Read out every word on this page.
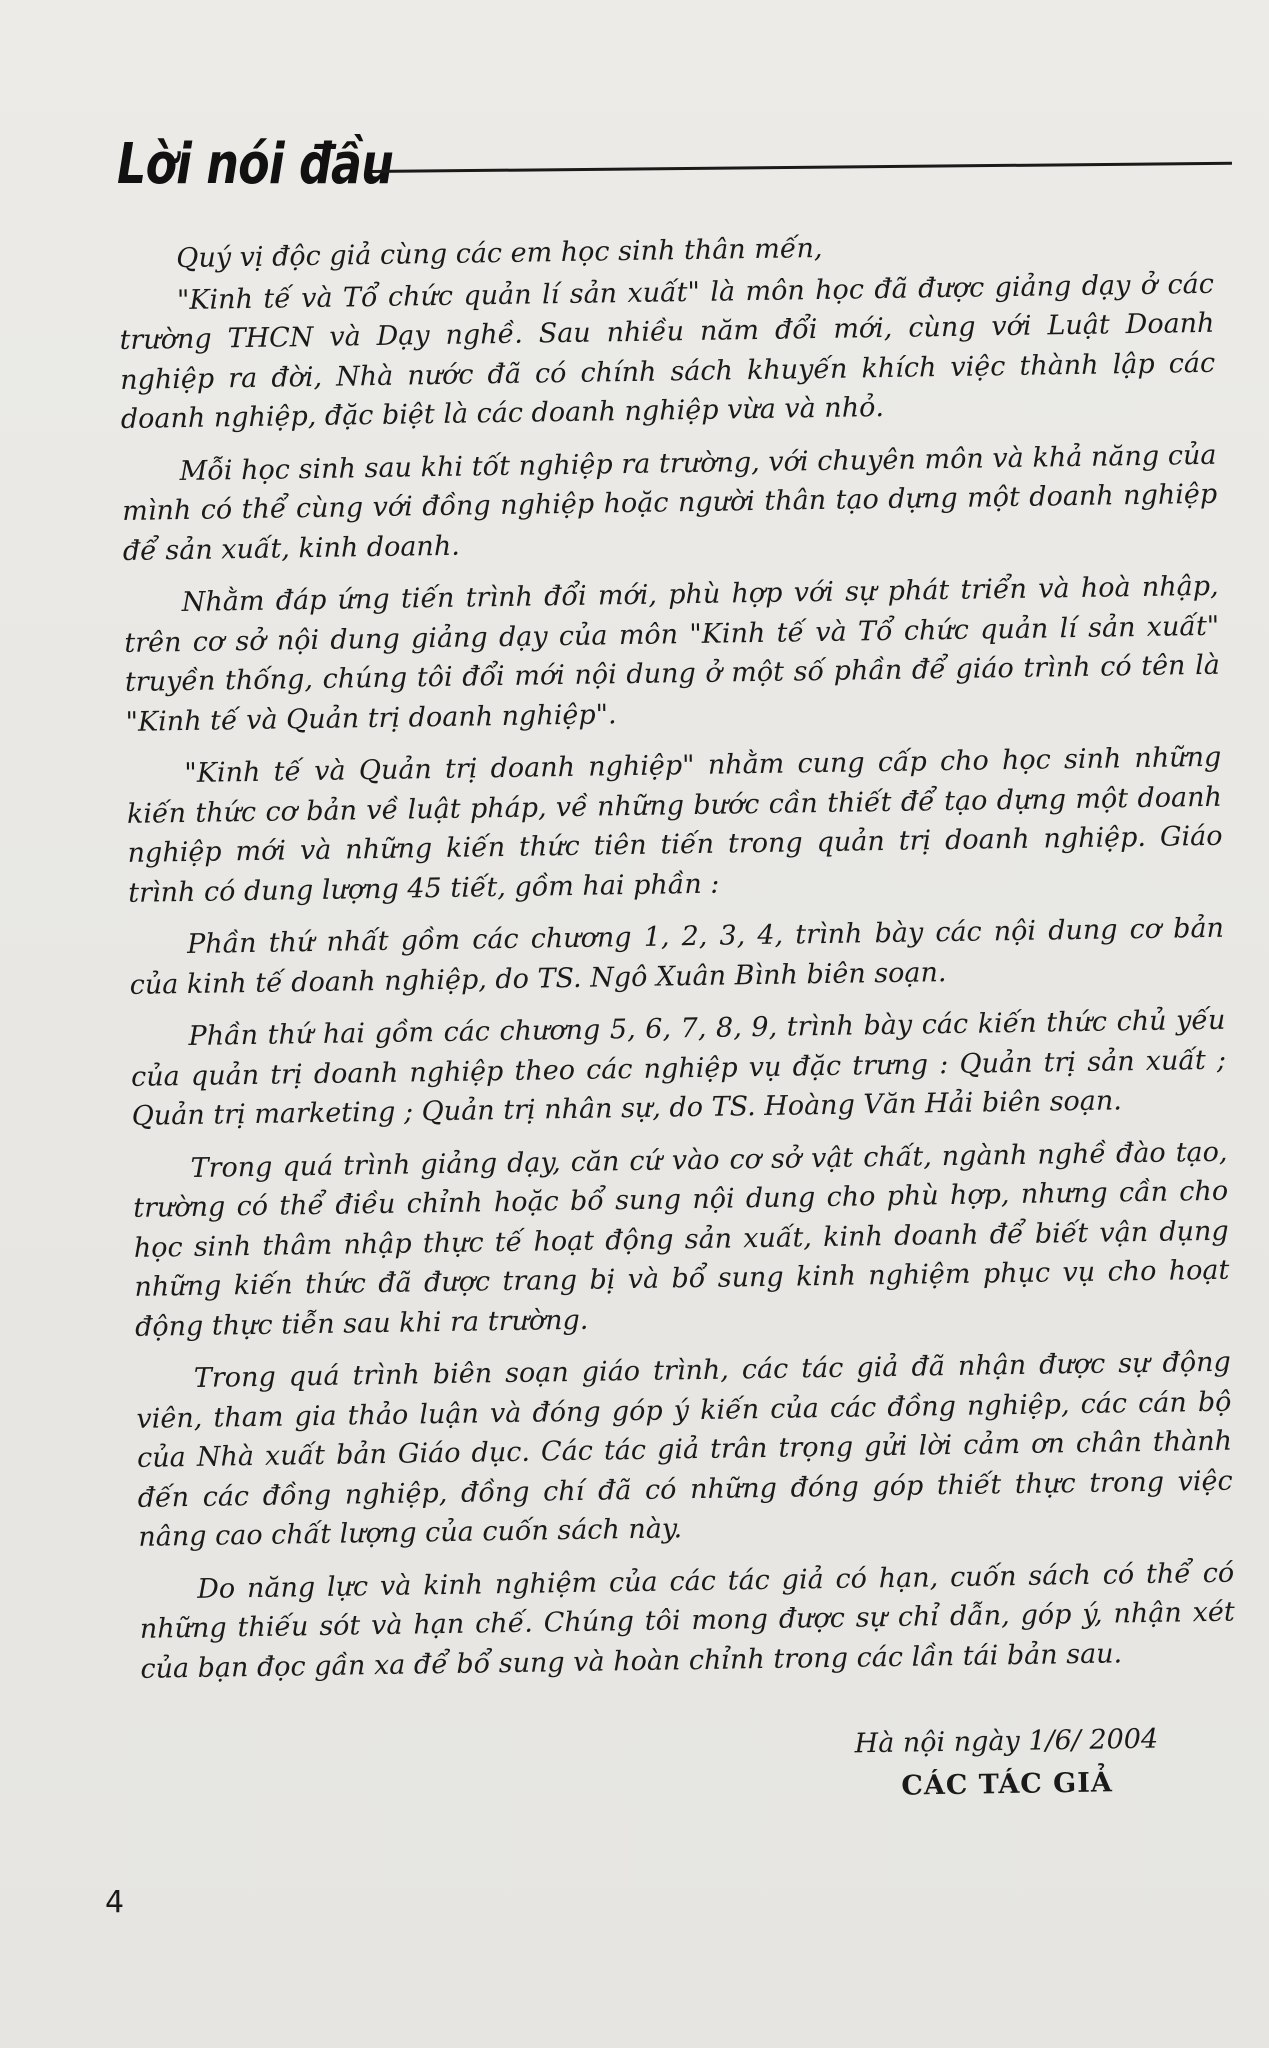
Lời nói đầu

Quý vị độc giả cùng các em học sinh thân mến,

"Kinh tế và Tổ chức quản lí sản xuất" là môn học đã được giảng dạy ở các trường THCN và Dạy nghề. Sau nhiều năm đổi mới, cùng với Luật Doanh nghiệp ra đời, Nhà nước đã có chính sách khuyến khích việc thành lập các doanh nghiệp, đặc biệt là các doanh nghiệp vừa và nhỏ.

Mỗi học sinh sau khi tốt nghiệp ra trường, với chuyên môn và khả năng của mình có thể cùng với đồng nghiệp hoặc người thân tạo dựng một doanh nghiệp để sản xuất, kinh doanh.

Nhằm đáp ứng tiến trình đổi mới, phù hợp với sự phát triển và hoà nhập, trên cơ sở nội dung giảng dạy của môn "Kinh tế và Tổ chức quản lí sản xuất" truyền thống, chúng tôi đổi mới nội dung ở một số phần để giáo trình có tên là "Kinh tế và Quản trị doanh nghiệp".

"Kinh tế và Quản trị doanh nghiệp" nhằm cung cấp cho học sinh những kiến thức cơ bản về luật pháp, về những bước cần thiết để tạo dựng một doanh nghiệp mới và những kiến thức tiên tiến trong quản trị doanh nghiệp. Giáo trình có dung lượng 45 tiết, gồm hai phần :

Phần thứ nhất gồm các chương 1, 2, 3, 4, trình bày các nội dung cơ bản của kinh tế doanh nghiệp, do TS. Ngô Xuân Bình biên soạn.

Phần thứ hai gồm các chương 5, 6, 7, 8, 9, trình bày các kiến thức chủ yếu của quản trị doanh nghiệp theo các nghiệp vụ đặc trưng : Quản trị sản xuất ; Quản trị marketing ; Quản trị nhân sự, do TS. Hoàng Văn Hải biên soạn.

Trong quá trình giảng dạy, căn cứ vào cơ sở vật chất, ngành nghề đào tạo, trường có thể điều chỉnh hoặc bổ sung nội dung cho phù hợp, nhưng cần cho học sinh thâm nhập thực tế hoạt động sản xuất, kinh doanh để biết vận dụng những kiến thức đã được trang bị và bổ sung kinh nghiệm phục vụ cho hoạt động thực tiễn sau khi ra trường.

Trong quá trình biên soạn giáo trình, các tác giả đã nhận được sự động viên, tham gia thảo luận và đóng góp ý kiến của các đồng nghiệp, các cán bộ của Nhà xuất bản Giáo dục. Các tác giả trân trọng gửi lời cảm ơn chân thành đến các đồng nghiệp, đồng chí đã có những đóng góp thiết thực trong việc nâng cao chất lượng của cuốn sách này.

Do năng lực và kinh nghiệm của các tác giả có hạn, cuốn sách có thể có những thiếu sót và hạn chế. Chúng tôi mong được sự chỉ dẫn, góp ý, nhận xét của bạn đọc gần xa để bổ sung và hoàn chỉnh trong các lần tái bản sau.

Hà nội ngày 1/6/ 2004
CÁC TÁC GIẢ
4
